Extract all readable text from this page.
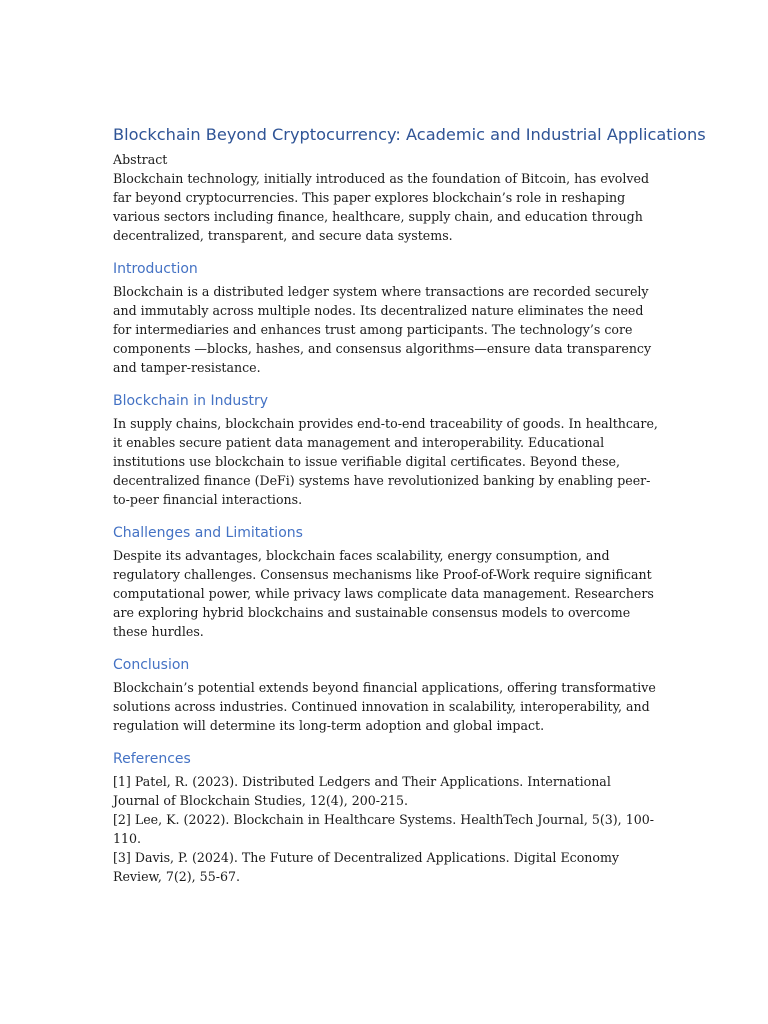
Blockchain Beyond Cryptocurrency: Academic and Industrial Applications

Abstract

Blockchain technology, initially introduced as the foundation of Bitcoin, has evolved far beyond cryptocurrencies. This paper explores blockchain’s role in reshaping various sectors including finance, healthcare, supply chain, and education through decentralized, transparent, and secure data systems.

Introduction

Blockchain is a distributed ledger system where transactions are recorded securely and immutably across multiple nodes. Its decentralized nature eliminates the need for intermediaries and enhances trust among participants. The technology’s core components —blocks, hashes, and consensus algorithms—ensure data transparency and tamper-resistance.

Blockchain in Industry

In supply chains, blockchain provides end-to-end traceability of goods. In healthcare, it enables secure patient data management and interoperability. Educational institutions use blockchain to issue verifiable digital certificates. Beyond these, decentralized finance (DeFi) systems have revolutionized banking by enabling peer-to-peer financial interactions.

Challenges and Limitations

Despite its advantages, blockchain faces scalability, energy consumption, and regulatory challenges. Consensus mechanisms like Proof-of-Work require significant computational power, while privacy laws complicate data management. Researchers are exploring hybrid blockchains and sustainable consensus models to overcome these hurdles.

Conclusion

Blockchain’s potential extends beyond financial applications, offering transformative solutions across industries. Continued innovation in scalability, interoperability, and regulation will determine its long-term adoption and global impact.

References

[1] Patel, R. (2023). Distributed Ledgers and Their Applications. International Journal of Blockchain Studies, 12(4), 200-215.

[2] Lee, K. (2022). Blockchain in Healthcare Systems. HealthTech Journal, 5(3), 100-110.

[3] Davis, P. (2024). The Future of Decentralized Applications. Digital Economy Review, 7(2), 55-67.
